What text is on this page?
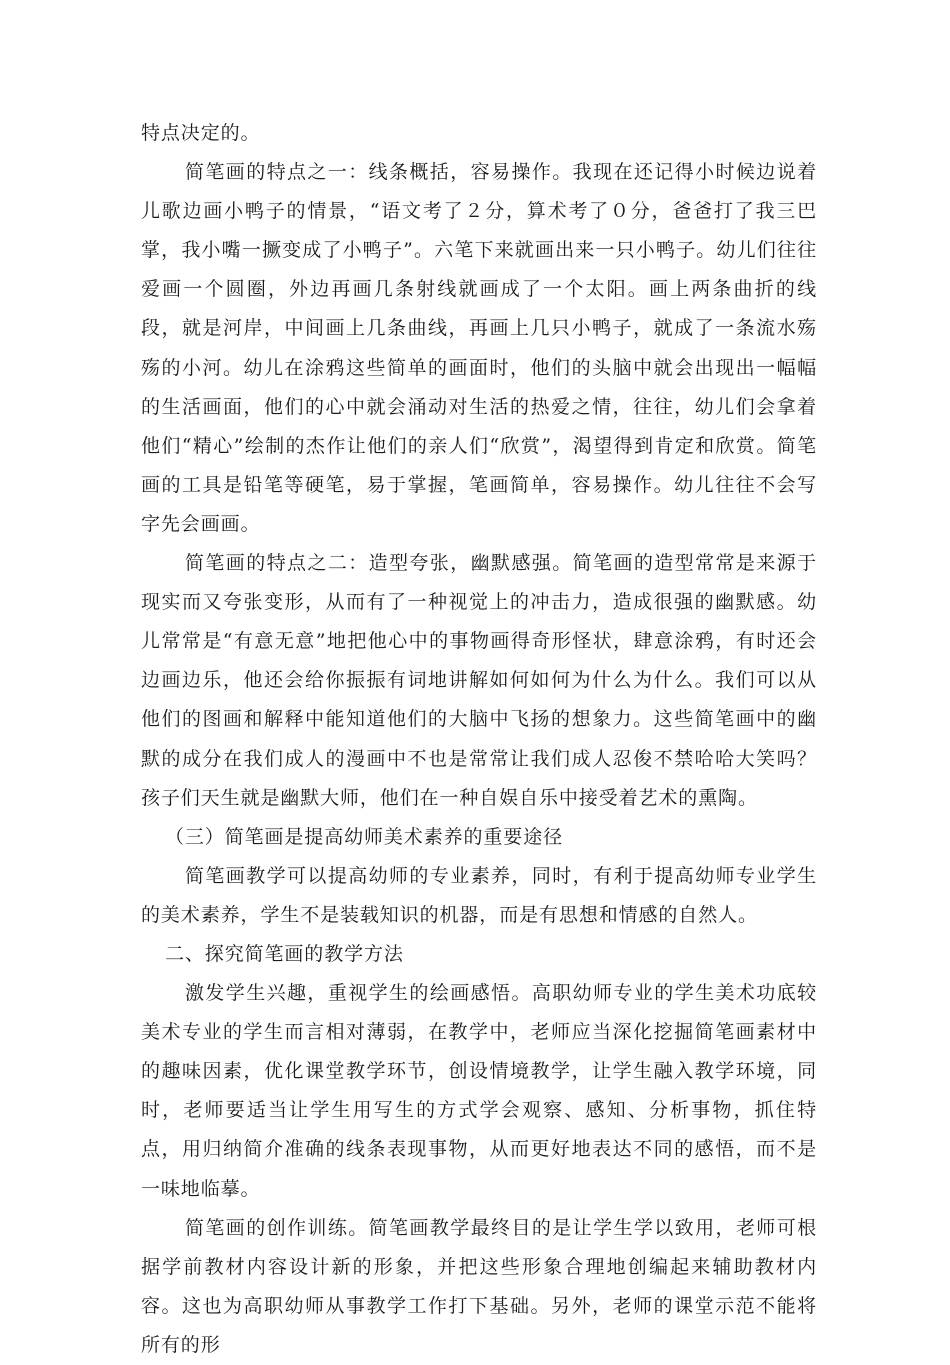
特点决定的。

简笔画的特点之一：线条概括，容易操作。我现在还记得小时候边说着儿歌边画小鸭子的情景，“语文考了２分，算术考了０分，爸爸打了我三巴掌，我小嘴一撅变成了小鸭子”。六笔下来就画出来一只小鸭子。幼儿们往往爱画一个圆圈，外边再画几条射线就画成了一个太阳。画上两条曲折的线段，就是河岸，中间画上几条曲线，再画上几只小鸭子，就成了一条流水殇殇的小河。幼儿在涂鸦这些简单的画面时，他们的头脑中就会出现出一幅幅的生活画面，他们的心中就会涌动对生活的热爱之情，往往，幼儿们会拿着他们“精心”绘制的杰作让他们的亲人们“欣赏”，渴望得到肯定和欣赏。简笔画的工具是铅笔等硬笔，易于掌握，笔画简单，容易操作。幼儿往往不会写字先会画画。

简笔画的特点之二：造型夸张，幽默感强。简笔画的造型常常是来源于现实而又夸张变形，从而有了一种视觉上的冲击力，造成很强的幽默感。幼儿常常是“有意无意”地把他心中的事物画得奇形怪状，肆意涂鸦，有时还会边画边乐，他还会给你振振有词地讲解如何如何为什么为什么。我们可以从他们的图画和解释中能知道他们的大脑中飞扬的想象力。这些简笔画中的幽默的成分在我们成人的漫画中不也是常常让我们成人忍俊不禁哈哈大笑吗？孩子们天生就是幽默大师，他们在一种自娱自乐中接受着艺术的熏陶。

（三）简笔画是提高幼师美术素养的重要途径

简笔画教学可以提高幼师的专业素养，同时，有利于提高幼师专业学生的美术素养，学生不是装载知识的机器，而是有思想和情感的自然人。

二、探究简笔画的教学方法

激发学生兴趣，重视学生的绘画感悟。高职幼师专业的学生美术功底较美术专业的学生而言相对薄弱，在教学中，老师应当深化挖掘简笔画素材中的趣味因素，优化课堂教学环节，创设情境教学，让学生融入教学环境，同时，老师要适当让学生用写生的方式学会观察、感知、分析事物，抓住特点，用归纳简介准确的线条表现事物，从而更好地表达不同的感悟，而不是一味地临摹。

简笔画的创作训练。简笔画教学最终目的是让学生学以致用，老师可根据学前教材内容设计新的形象，并把这些形象合理地创编起来辅助教材内容。这也为高职幼师从事教学工作打下基础。另外，老师的课堂示范不能将所有的形
